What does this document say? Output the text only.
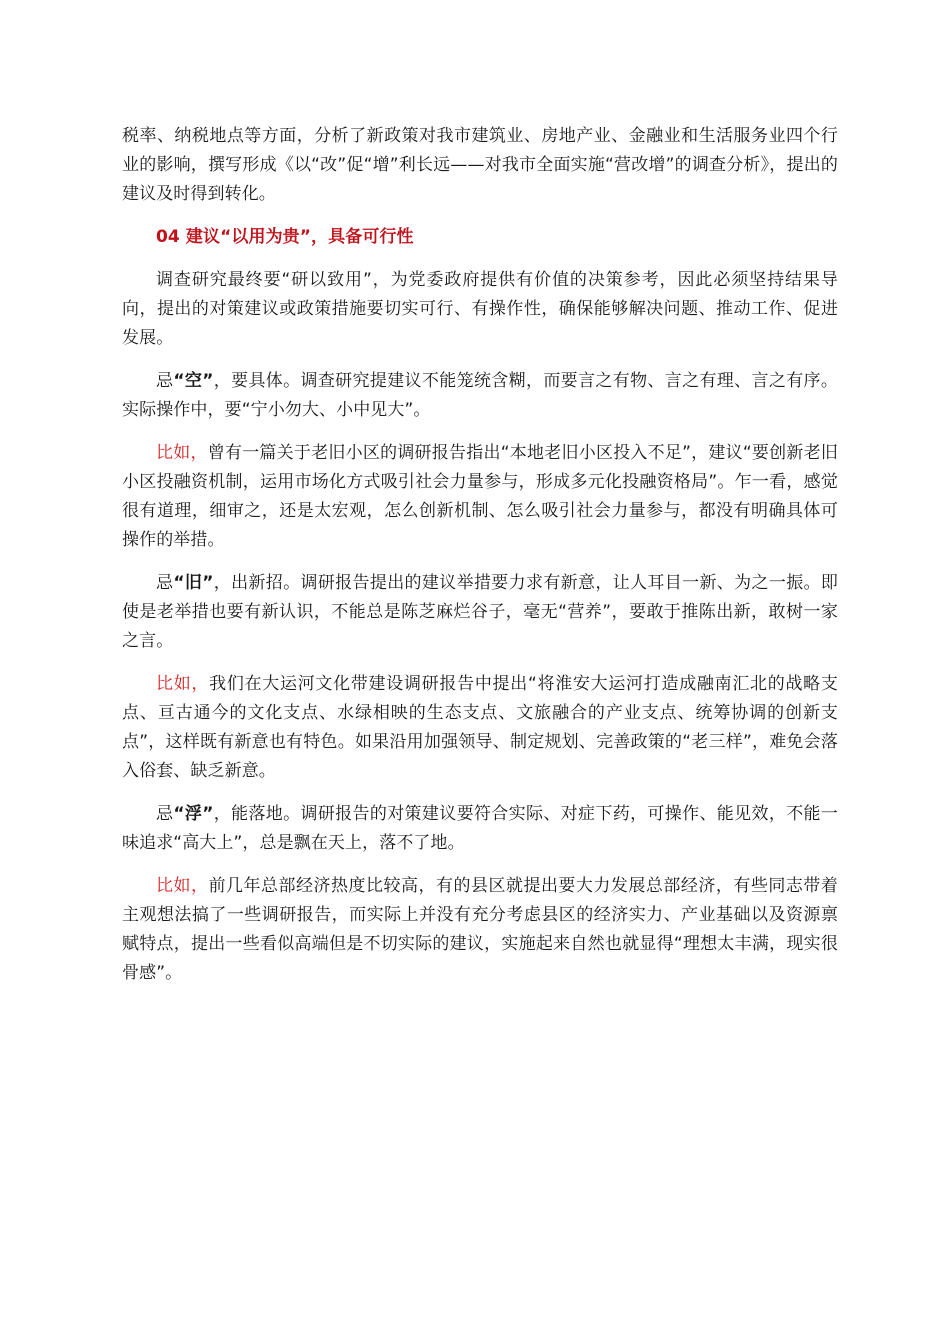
税率、纳税地点等方面，分析了新政策对我市建筑业、房地产业、金融业和生活服务业四个行业的影响，撰写形成《以“改”促“增”利长远——对我市全面实施“营改增”的调查分析》，提出的建议及时得到转化。

04 建议“以用为贵”，具备可行性

调查研究最终要“研以致用”，为党委政府提供有价值的决策参考，因此必须坚持结果导向，提出的对策建议或政策措施要切实可行、有操作性，确保能够解决问题、推动工作、促进发展。

忌“空”，要具体。调查研究提建议不能笼统含糊，而要言之有物、言之有理、言之有序。实际操作中，要“宁小勿大、小中见大”。

比如，曾有一篇关于老旧小区的调研报告指出“本地老旧小区投入不足”，建议“要创新老旧小区投融资机制，运用市场化方式吸引社会力量参与，形成多元化投融资格局”。乍一看，感觉很有道理，细审之，还是太宏观，怎么创新机制、怎么吸引社会力量参与，都没有明确具体可操作的举措。

忌“旧”，出新招。调研报告提出的建议举措要力求有新意，让人耳目一新、为之一振。即使是老举措也要有新认识，不能总是陈芝麻烂谷子，毫无“营养”，要敢于推陈出新，敢树一家之言。

比如，我们在大运河文化带建设调研报告中提出“将淮安大运河打造成融南汇北的战略支点、亘古通今的文化支点、水绿相映的生态支点、文旅融合的产业支点、统筹协调的创新支点”，这样既有新意也有特色。如果沿用加强领导、制定规划、完善政策的“老三样”，难免会落入俗套、缺乏新意。

忌“浮”，能落地。调研报告的对策建议要符合实际、对症下药，可操作、能见效，不能一味追求“高大上”，总是飘在天上，落不了地。

比如，前几年总部经济热度比较高，有的县区就提出要大力发展总部经济，有些同志带着主观想法搞了一些调研报告，而实际上并没有充分考虑县区的经济实力、产业基础以及资源禀赋特点，提出一些看似高端但是不切实际的建议，实施起来自然也就显得“理想太丰满，现实很骨感”。
